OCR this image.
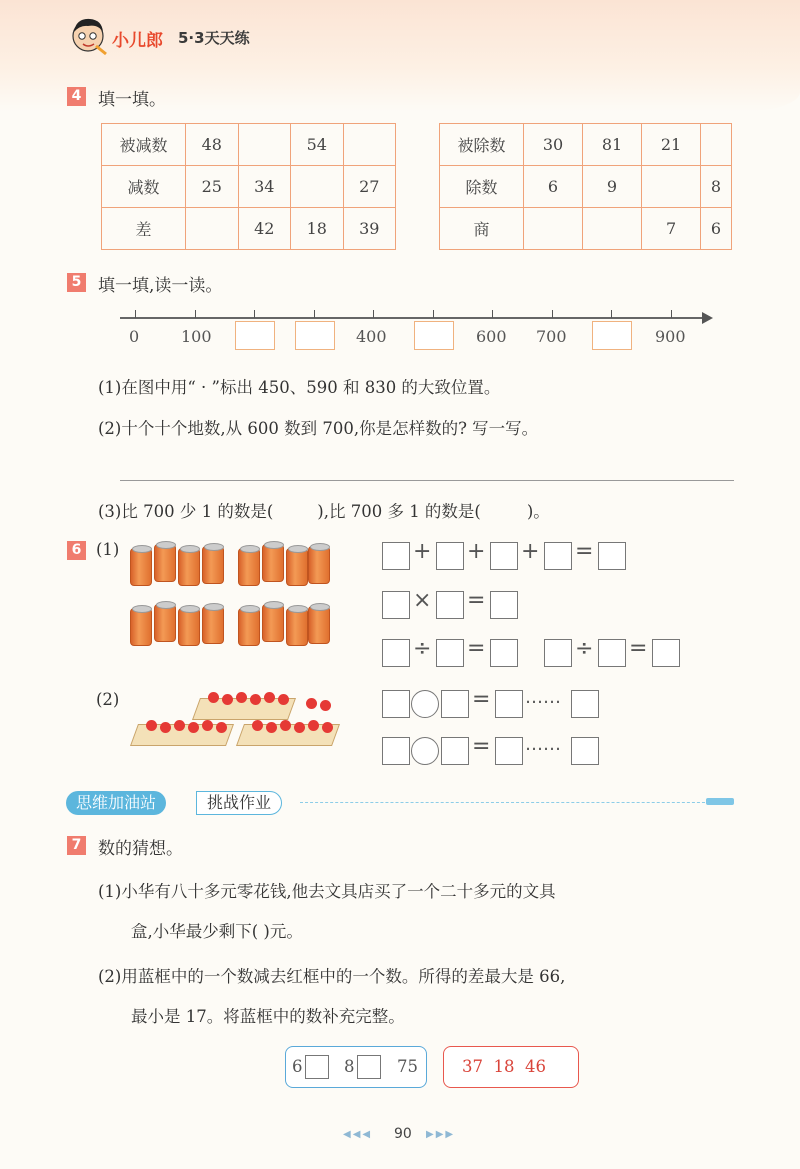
小儿郎 5·3天天练
4 填一填。
被减数	48		54	
减数	25	34		27
差		42	18	39
被除数	30	81	21	
除数	6	9		8
商			7	6
5 填一填,读一读。
0	100	400	600 700	900
(1)在图中用“ · ”标出 450、590 和 830 的大致位置。
(2)十个十个地数,从 600 数到 700,你是怎样数的? 写一写。
(3)比 700 少 1 的数是(	),比 700 多 1 的数是(	)。
6 (1)	+ + + =
× =
÷ =	÷ =
(2)	= ……
= ……
思维加油站	挑战作业
7 数的猜想。
(1)小华有八十多元零花钱,他去文具店买了一个二十多元的文具
盒,小华最少剩下( )元。
(2)用蓝框中的一个数减去红框中的一个数。所得的差最大是 66,
最小是 17。将蓝框中的数补充完整。
6	8	75	37  18  46
◀◀◀ 90 ▶▶▶
